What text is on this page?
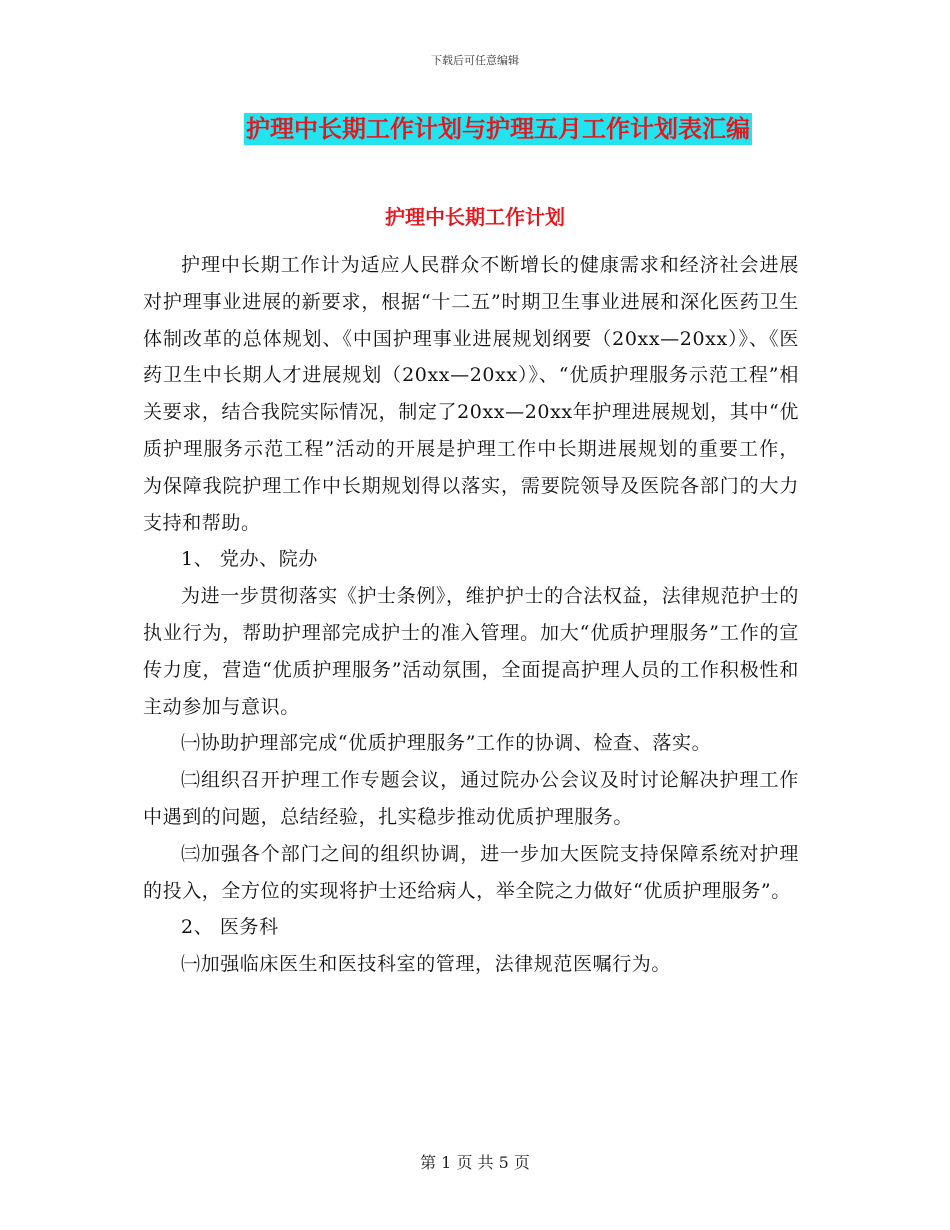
下载后可任意编辑
护理中长期工作计划与护理五月工作计划表汇编
护理中长期工作计划

护理中长期工作计为适应人民群众不断增长的健康需求和经济社会进展对护理事业进展的新要求，根据“十二五”时期卫生事业进展和深化医药卫生体制改革的总体规划、《中国护理事业进展规划纲要（20xx—20xx）》、《医药卫生中长期人才进展规划（20xx—20xx）》、“优质护理服务示范工程”相关要求，结合我院实际情况，制定了20xx—20xx年护理进展规划，其中“优质护理服务示范工程”活动的开展是护理工作中长期进展规划的重要工作，为保障我院护理工作中长期规划得以落实，需要院领导及医院各部门的大力支持和帮助。

1、 党办、院办

为进一步贯彻落实《护士条例》，维护护士的合法权益，法律规范护士的执业行为，帮助护理部完成护士的准入管理。加大“优质护理服务”工作的宣传力度，营造“优质护理服务”活动氛围，全面提高护理人员的工作积极性和主动参加与意识。

㈠协助护理部完成“优质护理服务”工作的协调、检查、落实。

㈡组织召开护理工作专题会议，通过院办公会议及时讨论解决护理工作中遇到的问题，总结经验，扎实稳步推动优质护理服务。

㈢加强各个部门之间的组织协调，进一步加大医院支持保障系统对护理的投入，全方位的实现将护士还给病人，举全院之力做好“优质护理服务”。

2、 医务科

㈠加强临床医生和医技科室的管理，法律规范医嘱行为。

第 1 页 共 5 页
